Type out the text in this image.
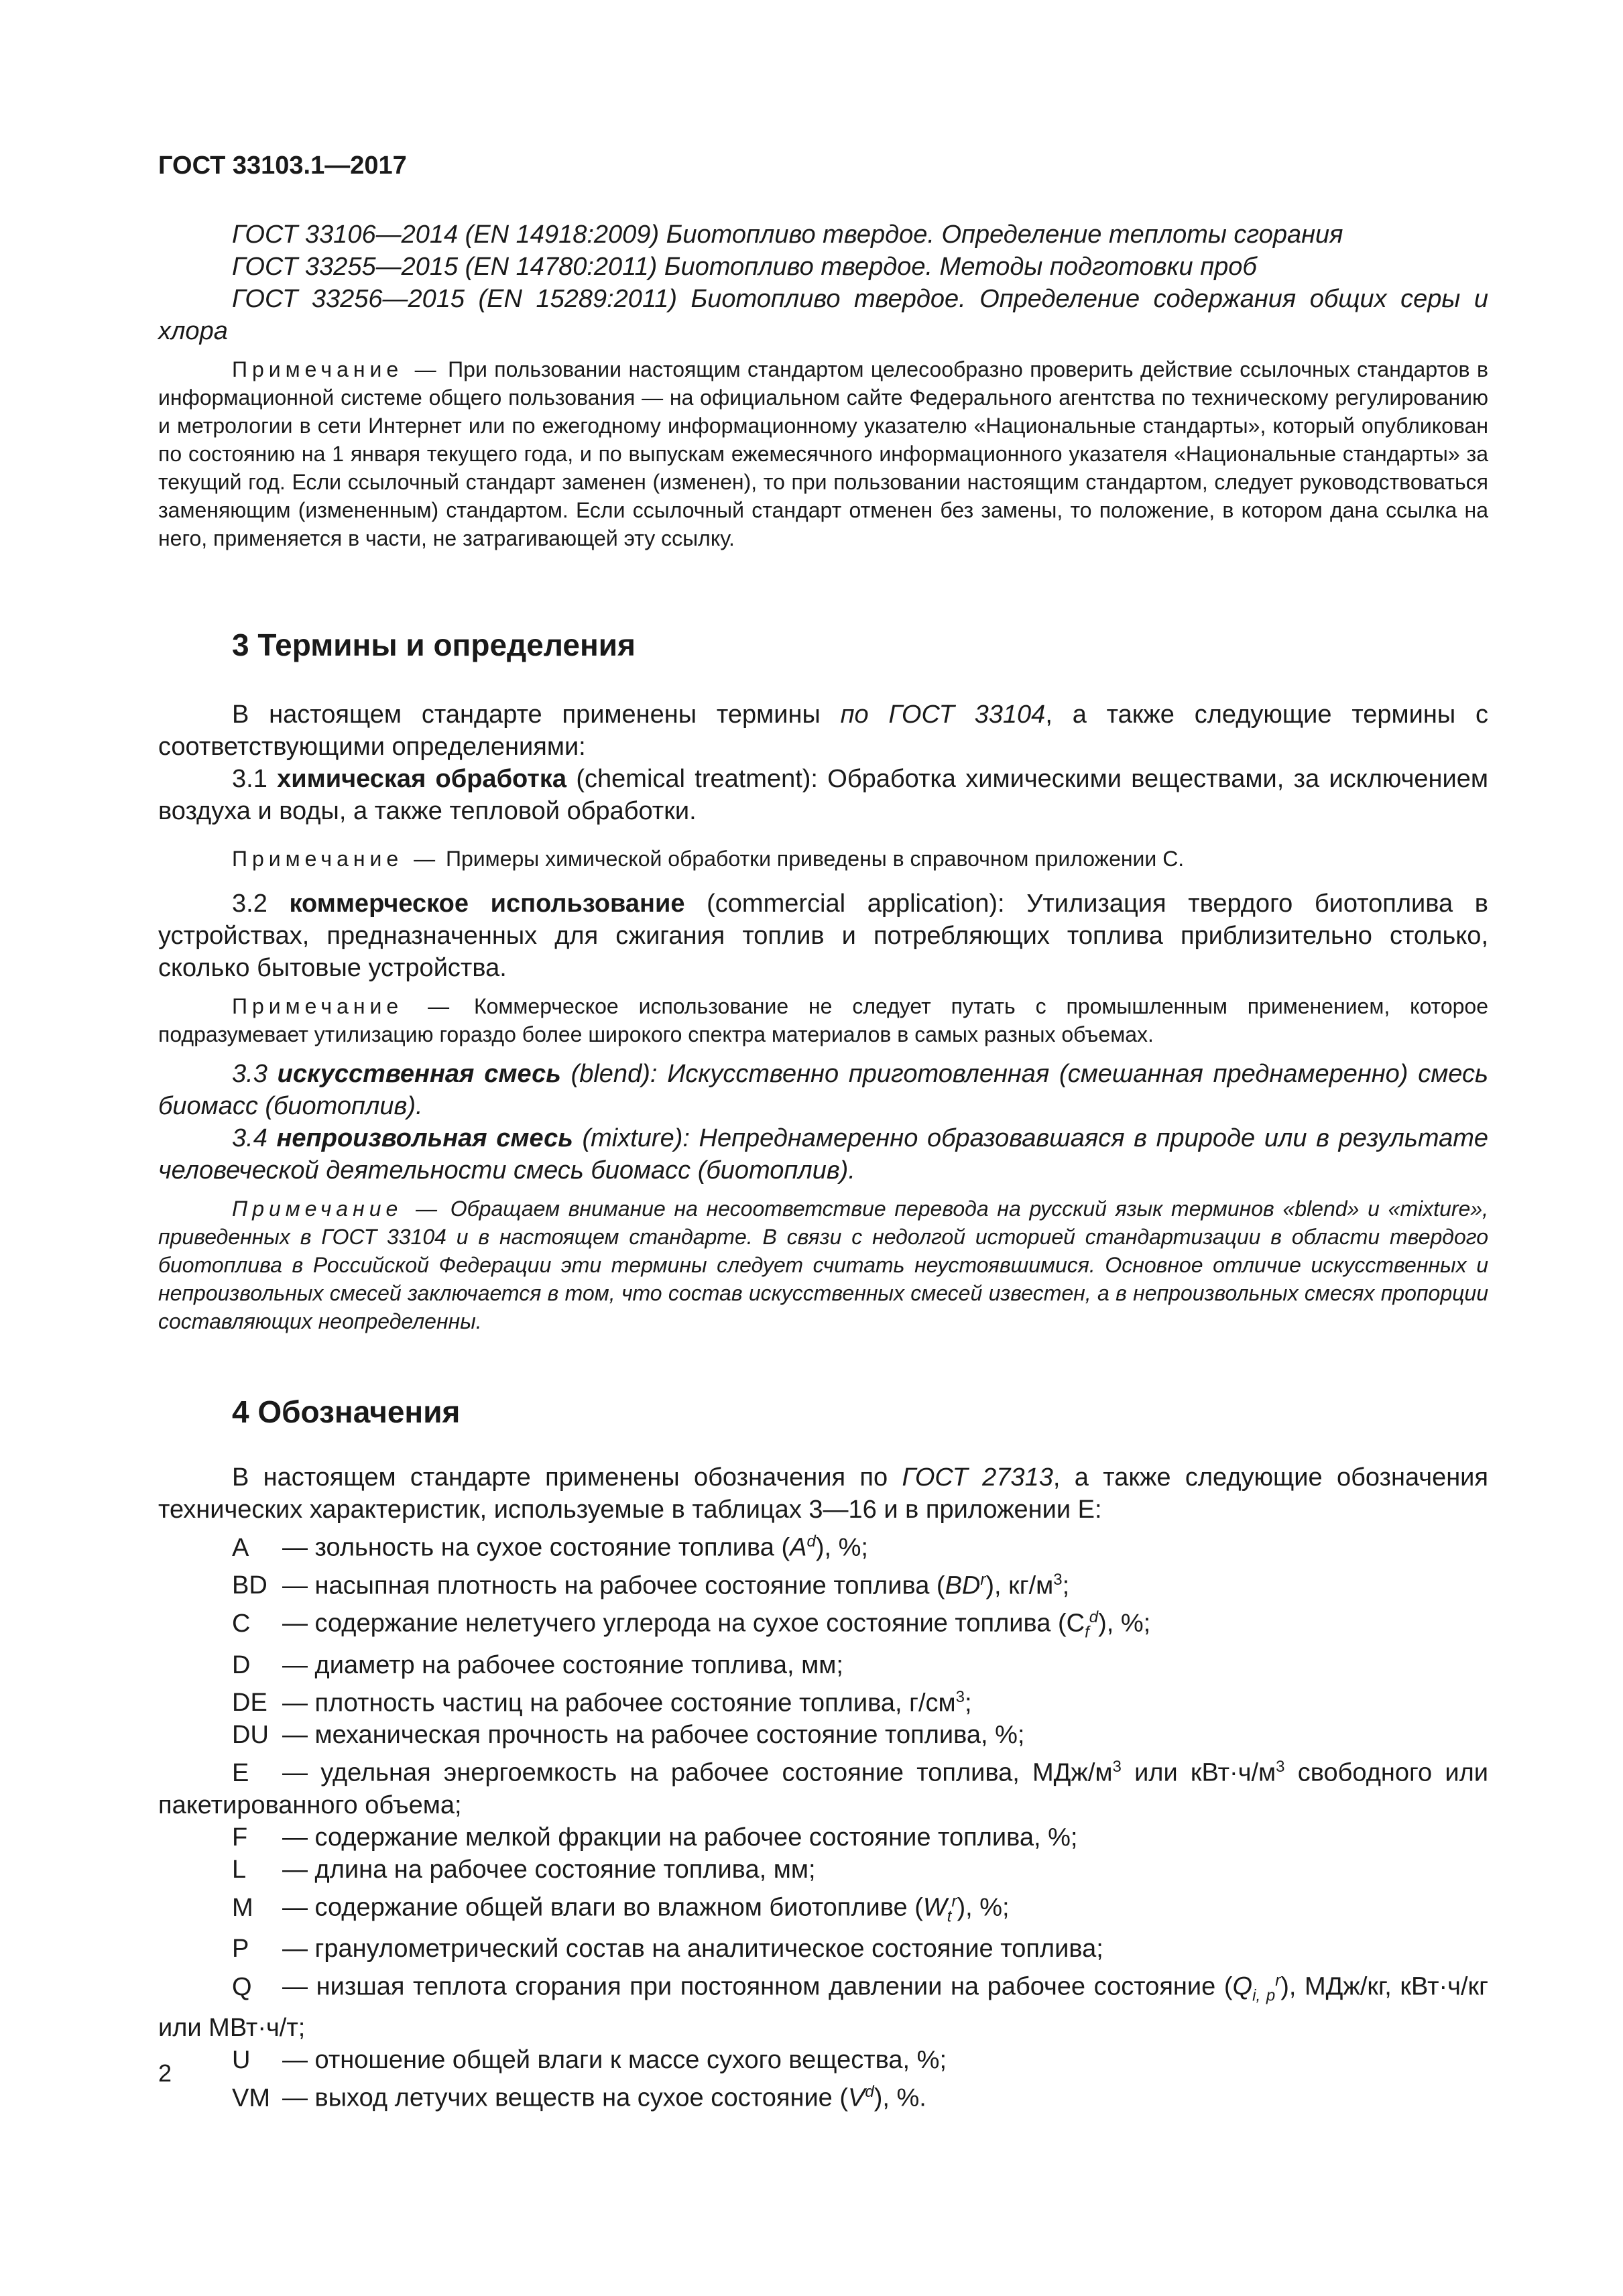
ГОСТ 33103.1—2017
ГОСТ 33106—2014 (EN 14918:2009) Биотопливо твердое. Определение теплоты сгорания
ГОСТ 33255—2015 (EN 14780:2011) Биотопливо твердое. Методы подготовки проб
ГОСТ 33256—2015 (EN 15289:2011) Биотопливо твердое. Определение содержания общих серы и хлора
Примечание — При пользовании настоящим стандартом целесообразно проверить действие ссылочных стандартов в информационной системе общего пользования — на официальном сайте Федерального агентства по техническому регулированию и метрологии в сети Интернет или по ежегодному информационному указателю «Национальные стандарты», который опубликован по состоянию на 1 января текущего года, и по выпускам ежемесячного информационного указателя «Национальные стандарты» за текущий год. Если ссылочный стандарт заменен (изменен), то при пользовании настоящим стандартом, следует руководствоваться заменяющим (измененным) стандартом. Если ссылочный стандарт отменен без замены, то положение, в котором дана ссылка на него, применяется в части, не затрагивающей эту ссылку.
3 Термины и определения
В настоящем стандарте применены термины по ГОСТ 33104, а также следующие термины с соответствующими определениями:
3.1 химическая обработка (chemical treatment): Обработка химическими веществами, за исключением воздуха и воды, а также тепловой обработки.
Примечание — Примеры химической обработки приведены в справочном приложении С.
3.2 коммерческое использование (commercial application): Утилизация твердого биотоплива в устройствах, предназначенных для сжигания топлив и потребляющих топлива приблизительно столько, сколько бытовые устройства.
Примечание — Коммерческое использование не следует путать с промышленным применением, которое подразумевает утилизацию гораздо более широкого спектра материалов в самых разных объемах.
3.3 искусственная смесь (blend): Искусственно приготовленная (смешанная преднамеренно) смесь биомасс (биотоплив).
3.4 непроизвольная смесь (mixture): Непреднамеренно образовавшаяся в природе или в результате человеческой деятельности смесь биомасс (биотоплив).
Примечание — Обращаем внимание на несоответствие перевода на русский язык терминов «blend» и «mixture», приведенных в ГОСТ 33104 и в настоящем стандарте. В связи с недолгой историей стандартизации в области твердого биотоплива в Российской Федерации эти термины следует считать неустоявшимися. Основное отличие искусственных и непроизвольных смесей заключается в том, что состав искусственных смесей известен, а в непроизвольных смесях пропорции составляющих неопределенны.
4 Обозначения
В настоящем стандарте применены обозначения по ГОСТ 27313, а также следующие обозначения технических характеристик, используемые в таблицах 3—16 и в приложении Е:
A — зольность на сухое состояние топлива $(A^d)$, %;
BD — насыпная плотность на рабочее состояние топлива $(BD^r)$, $кг/м^3$;
C — содержание нелетучего углерода на сухое состояние топлива $(C_f^d)$, %;
D — диаметр на рабочее состояние топлива, мм;
DE — плотность частиц на рабочее состояние топлива, $г/см^3$;
DU — механическая прочность на рабочее состояние топлива, %;
E — удельная энергоемкость на рабочее состояние топлива, МДж/$м^3$ или $кВт\cdot ч/м^3$ свободного или пакетированного объема;
F — содержание мелкой фракции на рабочее состояние топлива, %;
L — длина на рабочее состояние топлива, мм;
M — содержание общей влаги во влажном биотопливе $(W_t^r)$, %;
P — гранулометрический состав на аналитическое состояние топлива;
Q — низшая теплота сгорания при постоянном давлении на рабочее состояние $(Q_{i, p}^r)$, МДж/кг, кВт·ч/кг или МВт·ч/т;
U — отношение общей влаги к массе сухого вещества, %;
VM — выход летучих веществ на сухое состояние $(V^d)$, %.
2
